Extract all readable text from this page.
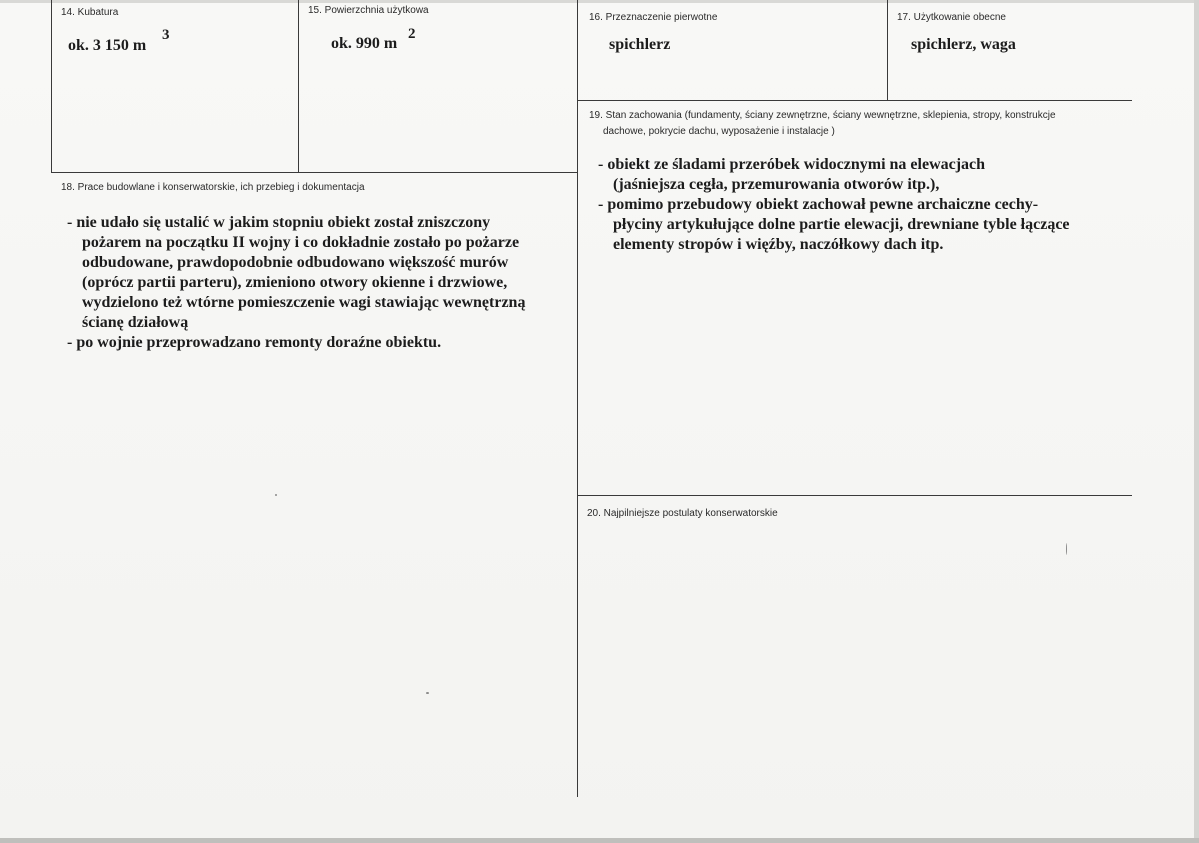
14. Kubatura
ok. 3 150 m
3
15. Powierzchnia użytkowa
ok. 990 m
2
16. Przeznaczenie pierwotne
spichlerz
17. Użytkowanie obecne
spichlerz, waga
18. Prace budowlane i konserwatorskie, ich przebieg i dokumentacja
- nie udało się ustalić w jakim stopniu obiekt został zniszczony
pożarem na początku II wojny i co dokładnie zostało po pożarze
odbudowane, prawdopodobnie odbudowano większość murów
(oprócz partii parteru), zmieniono otwory okienne i drzwiowe,
wydzielono też wtórne pomieszczenie wagi stawiając wewnętrzną
ścianę działową
- po wojnie przeprowadzano remonty doraźne obiektu.
19. Stan zachowania (fundamenty, ściany zewnętrzne, ściany wewnętrzne, sklepienia, stropy, konstrukcje
dachowe, pokrycie dachu, wyposażenie i instalacje )
- obiekt ze śladami przeróbek widocznymi na elewacjach
(jaśniejsza cegła, przemurowania otworów itp.),
- pomimo przebudowy obiekt zachował pewne archaiczne cechy-
płyciny artykułujące dolne partie elewacji, drewniane tyble łączące
elementy stropów i więźby, naczółkowy dach itp.
20. Najpilniejsze postulaty konserwatorskie
